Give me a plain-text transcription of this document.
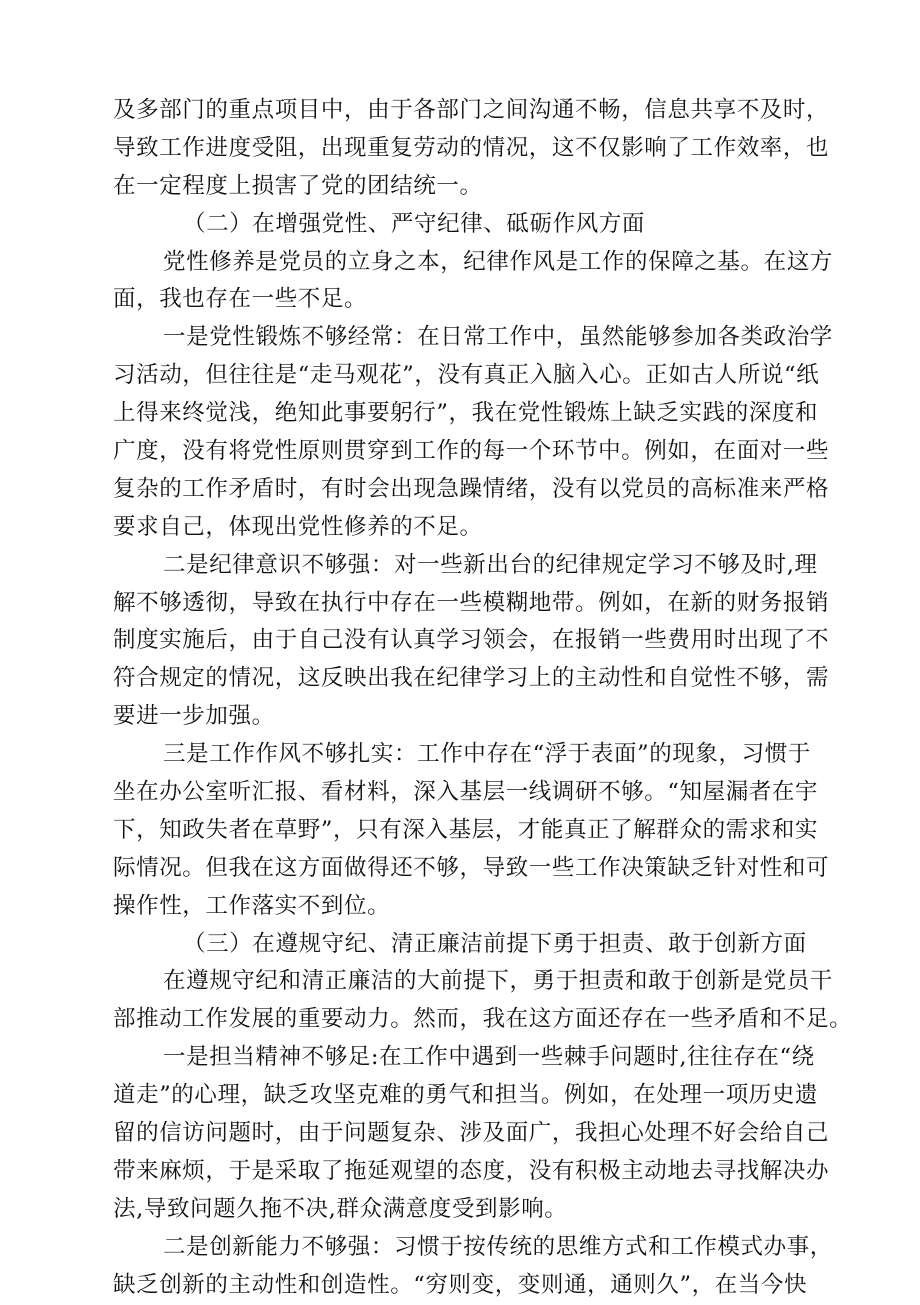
及多部门的重点项目中，由于各部门之间沟通不畅，信息共享不及时，
导致工作进度受阻，出现重复劳动的情况，这不仅影响了工作效率，也
在一定程度上损害了党的团结统一。
（二）在增强党性、严守纪律、砥砺作风方面
党性修养是党员的立身之本，纪律作风是工作的保障之基。在这方
面，我也存在一些不足。
一是党性锻炼不够经常：在日常工作中，虽然能够参加各类政治学
习活动，但往往是“走马观花”，没有真正入脑入心。正如古人所说“纸
上得来终觉浅，绝知此事要躬行”，我在党性锻炼上缺乏实践的深度和
广度，没有将党性原则贯穿到工作的每一个环节中。例如，在面对一些
复杂的工作矛盾时，有时会出现急躁情绪，没有以党员的高标准来严格
要求自己，体现出党性修养的不足。
二是纪律意识不够强：对一些新出台的纪律规定学习不够及时,理
解不够透彻，导致在执行中存在一些模糊地带。例如，在新的财务报销
制度实施后，由于自己没有认真学习领会，在报销一些费用时出现了不
符合规定的情况，这反映出我在纪律学习上的主动性和自觉性不够，需
要进一步加强。
三是工作作风不够扎实：工作中存在“浮于表面”的现象，习惯于
坐在办公室听汇报、看材料，深入基层一线调研不够。“知屋漏者在宇
下，知政失者在草野”，只有深入基层，才能真正了解群众的需求和实
际情况。但我在这方面做得还不够，导致一些工作决策缺乏针对性和可
操作性，工作落实不到位。
（三）在遵规守纪、清正廉洁前提下勇于担责、敢于创新方面
在遵规守纪和清正廉洁的大前提下，勇于担责和敢于创新是党员干
部推动工作发展的重要动力。然而，我在这方面还存在一些矛盾和不足。
一是担当精神不够足:在工作中遇到一些棘手问题时,往往存在“绕
道走”的心理，缺乏攻坚克难的勇气和担当。例如，在处理一项历史遗
留的信访问题时，由于问题复杂、涉及面广，我担心处理不好会给自己
带来麻烦，于是采取了拖延观望的态度，没有积极主动地去寻找解决办
法,导致问题久拖不决,群众满意度受到影响。
二是创新能力不够强：习惯于按传统的思维方式和工作模式办事，
缺乏创新的主动性和创造性。“穷则变，变则通，通则久”，在当今快
